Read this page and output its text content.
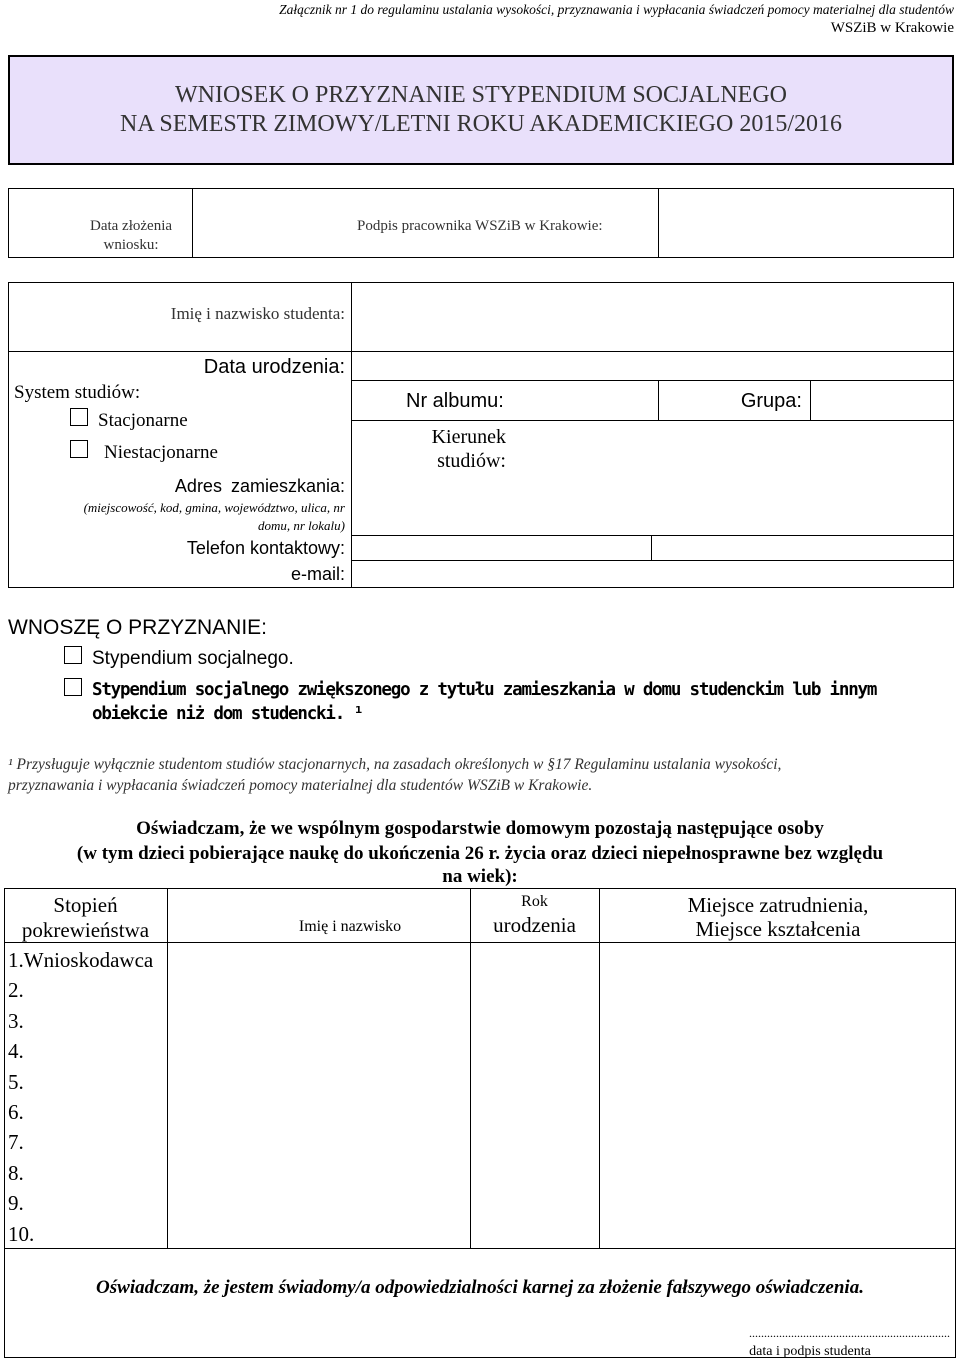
Załącznik nr 1 do regulaminu ustalania wysokości, przyznawania i wypłacania świadczeń pomocy materialnej dla studentów
WSZiB w Krakowie
WNIOSEK O PRZYZNANIE STYPENDIUM SOCJALNEGO
NA SEMESTR ZIMOWY/LETNI ROKU AKADEMICKIEGO 2015/2016
Data złożenia
wniosku:
Podpis pracownika WSZiB w Krakowie:
Imię i nazwisko studenta:
Data urodzenia:
System studiów:
Stacjonarne
Niestacjonarne
Nr albumu:	Grupa:
Kierunek
studiów:
Adres zamieszkania:
(miejscowość, kod, gmina, województwo, ulica, nr
domu, nr lokalu)
Telefon kontaktowy:
e-mail:
WNOSZĘ O PRZYZNANIE:
Stypendium socjalnego.
Stypendium socjalnego zwiększonego z tytułu zamieszkania w domu studenckim lub innym
obiekcie niż dom studencki. ¹
¹ Przysługuje wyłącznie studentom studiów stacjonarnych, na zasadach określonych w §17 Regulaminu ustalania wysokości,
przyznawania i wypłacania świadczeń pomocy materialnej dla studentów WSZiB w Krakowie.
Oświadczam, że we wspólnym gospodarstwie domowym pozostają następujące osoby
(w tym dzieci pobierające naukę do ukończenia 26 r. życia oraz dzieci niepełnosprawne bez względu
na wiek):
Stopień
pokrewieństwa	Imię i nazwisko
Rok
urodzenia
Miejsce zatrudnienia,
Miejsce kształcenia
1.Wnioskodawca
2.
3.
4.
5.
6.
7.
8.
9.
10.
Oświadczam, że jestem świadomy/a odpowiedzialności karnej za złożenie fałszywego oświadczenia.
...................................................................
data i podpis studenta
